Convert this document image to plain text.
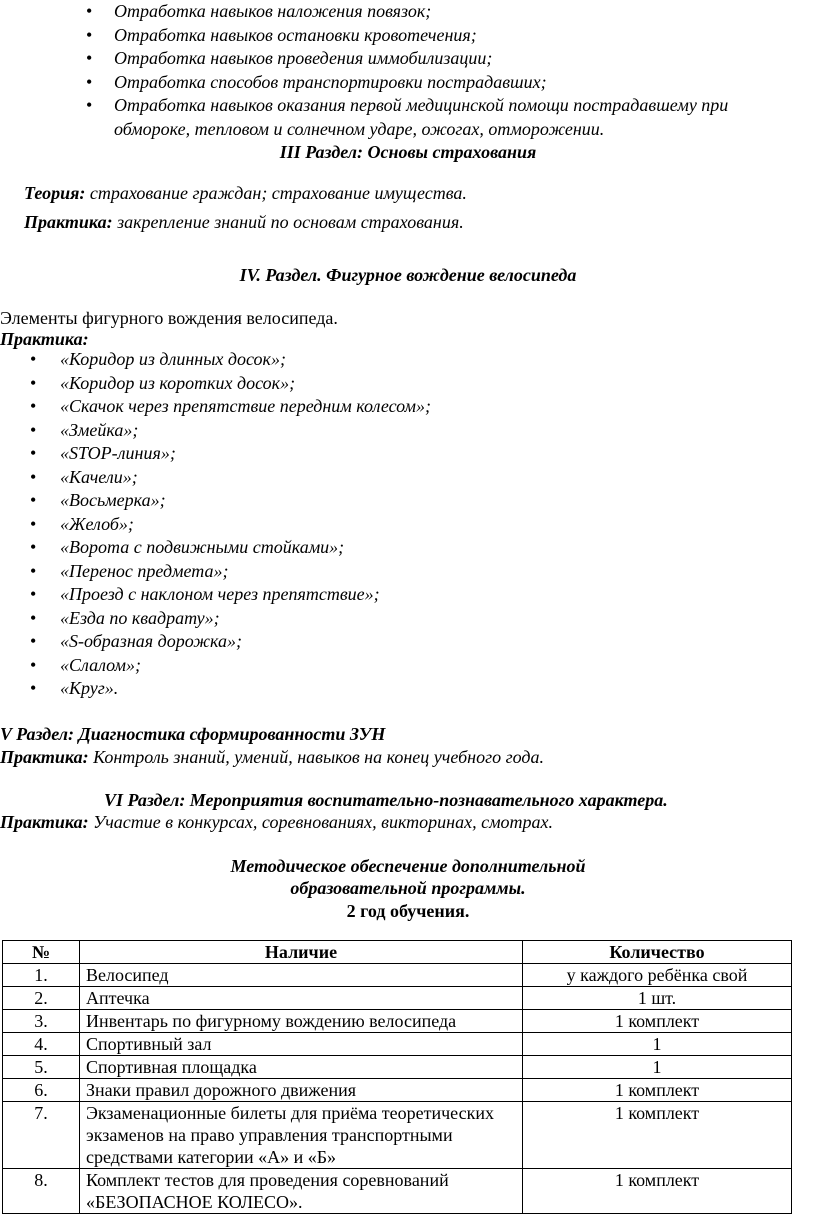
• Отработка навыков наложения повязок;
• Отработка навыков остановки кровотечения;
• Отработка навыков проведения иммобилизации;
• Отработка способов транспортировки пострадавших;
• Отработка навыков оказания первой медицинской помощи пострадавшему при обмороке, тепловом и солнечном ударе, ожогах, отморожении.
III Раздел: Основы страхования
Теория: страхование граждан; страхование имущества.
Практика: закрепление знаний по основам страхования.
IV. Раздел. Фигурное вождение велосипеда
Элементы фигурного вождения велосипеда.
Практика:
• «Коридор из длинных досок»;
• «Коридор из коротких досок»;
• «Скачок через препятствие передним колесом»;
• «Змейка»;
• «STOP-линия»;
• «Качели»;
• «Восьмерка»;
• «Желоб»;
• «Ворота с подвижными стойками»;
• «Перенос предмета»;
• «Проезд с наклоном через препятствие»;
• «Езда по квадрату»;
• «S-образная дорожка»;
• «Слалом»;
• «Круг».
V Раздел: Диагностика сформированности ЗУН
Практика: Контроль знаний, умений, навыков на конец учебного года.
VI Раздел: Мероприятия воспитательно-познавательного характера.
Практика: Участие в конкурсах, соревнованиях, викторинах, смотрах.
Методическое обеспечение дополнительной
образовательной программы.
2 год обучения.
№	Наличие	Количество
1.	Велосипед	у каждого ребёнка свой
2.	Аптечка	1 шт.
3.	Инвентарь по фигурному вождению велосипеда	1 комплект
4.	Спортивный зал	1
5.	Спортивная площадка	1
6.	Знаки правил дорожного движения	1 комплект
7.	Экзаменационные билеты для приёма теоретических экзаменов на право управления транспортными средствами категории «А» и «Б»	1 комплект
8.	Комплект тестов для проведения соревнований «БЕЗОПАСНОЕ КОЛЕСО».	1 комплект
